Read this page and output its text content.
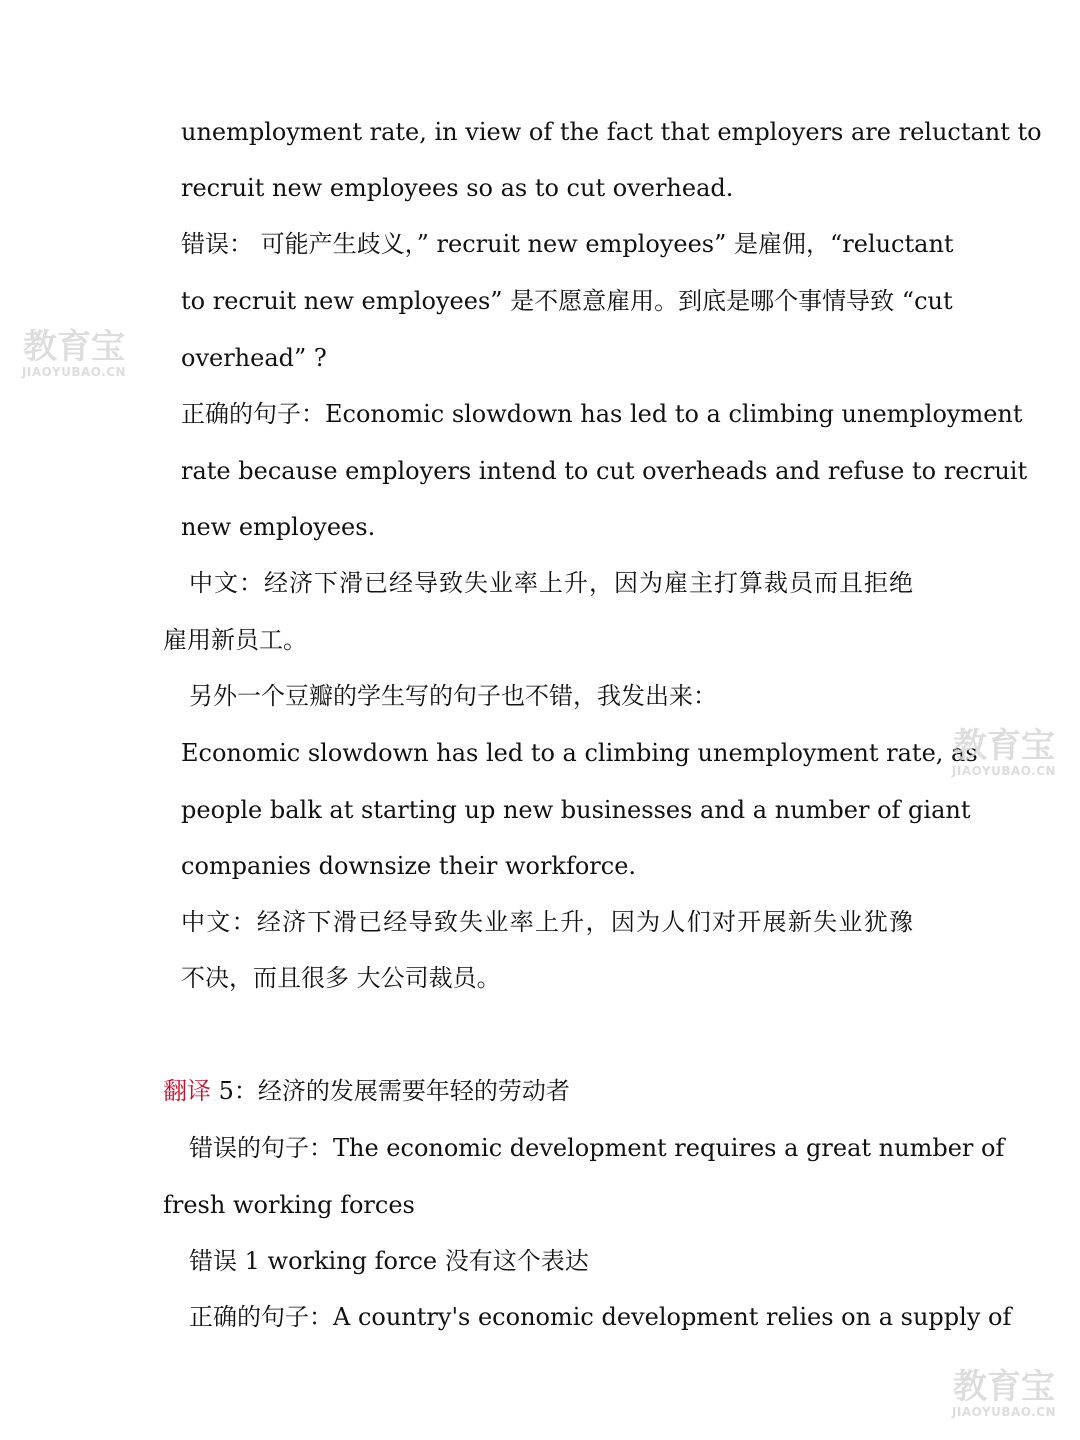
unemployment rate, in view of the fact that employers are reluctant to
recruit new employees so as to cut overhead.
错误： 可能产生歧义，” recruit new employees” 是雇佣，“reluctant
to recruit new employees” 是不愿意雇用。到底是哪个事情导致 “cut
overhead” ?
正确的句子：Economic slowdown has led to a climbing unemployment
rate because employers intend to cut overheads and refuse to recruit
new employees.
中文：经济下滑已经导致失业率上升，因为雇主打算裁员而且拒绝
雇用新员工。
另外一个豆瓣的学生写的句子也不错，我发出来：
Economic slowdown has led to a climbing unemployment rate, as
people balk at starting up new businesses and a number of giant
companies downsize their workforce.
中文：经济下滑已经导致失业率上升，因为人们对开展新失业犹豫
不决，而且很多 大公司裁员。
翻译 5：经济的发展需要年轻的劳动者
错误的句子：The economic development requires a great number of
fresh working forces
错误 1 working force 没有这个表达
正确的句子：A country's economic development relies on a supply of
教育宝
JIAOYUBAO.CN
教育宝
JIAOYUBAO.CN
教育宝
JIAOYUBAO.CN
